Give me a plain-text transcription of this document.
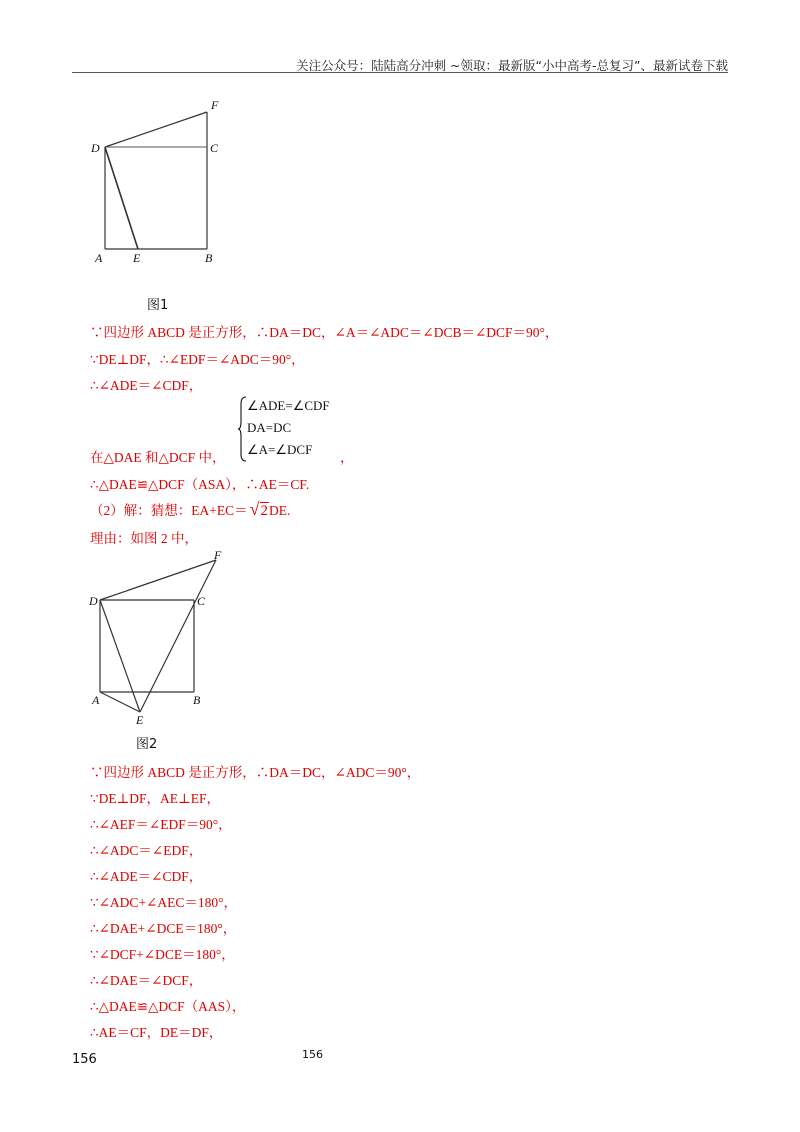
关注公众号：陆陆高分冲刺 ~领取：最新版“小中高考-总复习”、最新试卷下载
F
D	C
A	E	B
图1
∵四边形 ABCD 是正方形，∴DA＝DC，∠A＝∠ADC＝∠DCB＝∠DCF＝90°，
∵DE⊥DF，∴∠EDF＝∠ADC＝90°，
∴∠ADE＝∠CDF，
∠ADE=∠CDF
DA=DC
∠A=∠DCF
在△DAE 和△DCF 中，	，
∴△DAE≌△DCF（ASA），∴AE＝CF.
（2）解：猜想：EA+EC＝ √2DE.
理由：如图 2 中，
F
D	C
A
E
B
图2
∵四边形 ABCD 是正方形，∴DA＝DC，∠ADC＝90°，
∵DE⊥DF，AE⊥EF，
∴∠AEF＝∠EDF＝90°，
∴∠ADC＝∠EDF，
∴∠ADE＝∠CDF，
∵∠ADC+∠AEC＝180°，
∴∠DAE+∠DCE＝180°，
∵∠DCF+∠DCE＝180°，
∴∠DAE＝∠DCF，
∴△DAE≌△DCF（AAS），
∴AE＝CF，DE＝DF，
156	156
